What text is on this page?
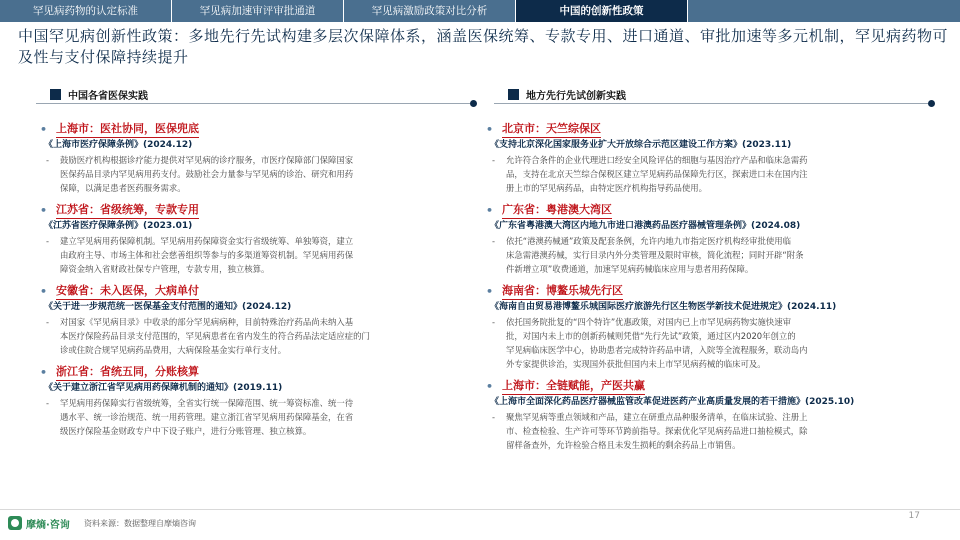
罕见病药物的认定标准	罕见病加速审评审批通道	罕见病激励政策对比分析	中国的创新性政策
中国罕见病创新性政策：多地先行先试构建多层次保障体系，涵盖医保统筹、专款专用、进口通道、审批加速等多元机制，罕见病药物可及性与支付保障持续提升
中国各省医保实践	地方先行先试创新实践
• 上海市：医社协同，医保兜底
《上海市医疗保障条例》(2024.12)
-	鼓励医疗机构根据诊疗能力提供对罕见病的诊疗服务，市医疗保障部门保障国家
医保药品目录内罕见病用药支付。鼓励社会力量参与罕见病的诊治、研究和用药
保障，以满足患者医药服务需求。
• 江苏省：省级统筹，专款专用
《江苏省医疗保障条例》(2023.01)
-	建立罕见病用药保障机制。罕见病用药保障资金实行省级统筹、单独筹资，建立
由政府主导、市场主体和社会慈善组织等参与的多渠道筹资机制。罕见病用药保
障资金纳入省财政社保专户管理，专款专用，独立核算。
• 安徽省：未入医保，大病单付
《关于进一步规范统一医保基金支付范围的通知》(2024.12)
-	对国家《罕见病目录》中收录的部分罕见病病种，目前特殊治疗药品尚未纳入基
本医疗保险药品目录支付范围的，罕见病患者在省内发生的符合药品法定适应症的门
诊或住院合规罕见病药品费用，大病保险基金实行单行支付。
• 浙江省：省统五同，分账核算
《关于建立浙江省罕见病用药保障机制的通知》(2019.11)
-	罕见病用药保障实行省级统筹，全省实行统一保障范围、统一筹资标准、统一待
遇水平、统一诊治规范、统一用药管理。建立浙江省罕见病用药保障基金，在省
级医疗保险基金财政专户中下设子账户，进行分账管理、独立核算。
• 北京市：天竺综保区
《支持北京深化国家服务业扩大开放综合示范区建设工作方案》(2023.11)
-	允许符合条件的企业代理进口经安全风险评估的细胞与基因治疗产品和临床急需药
品，支持在北京天竺综合保税区建立罕见病药品保障先行区，探索进口未在国内注
册上市的罕见病药品，由特定医疗机构指导药品使用。
• 广东省：粤港澳大湾区
《广东省粤港澳大湾区内地九市进口港澳药品医疗器械管理条例》(2024.08)
-	依托“港澳药械通”政策及配套条例，允许内地九市指定医疗机构经审批使用临
床急需港澳药械，实行目录内外分类管理及限时审核，简化流程；同时开辟“附条
件新增立项”收费通道，加速罕见病药械临床应用与患者用药保障。
• 海南省：博鳌乐城先行区
《海南自由贸易港博鳌乐城国际医疗旅游先行区生物医学新技术促进规定》(2024.11)
-	依托国务院批复的“四个特许”优惠政策，对国内已上市罕见病药物实施快速审
批，对国内未上市的创新药械则凭借“先行先试”政策，通过区内2020年创立的
罕见病临床医学中心，协助患者完成特许药品申请，入院等全流程服务，联动岛内
外专家提供诊治，实现国外获批但国内未上市罕见病药械的临床可及。
• 上海市：全链赋能，产医共赢
《上海市全面深化药品医疗器械监管改革促进医药产业高质量发展的若干措施》(2025.10)
-	聚焦罕见病等重点领域和产品，建立在研重点品种服务清单，在临床试验、注册上
市、检查检验、生产许可等环节跨前指导。探索优化罕见病药品进口抽检模式，除
留样备查外，允许检验合格且未发生损耗的剩余药品上市销售。
摩熵·咨询 资料来源：数据整理自摩熵咨询
17
